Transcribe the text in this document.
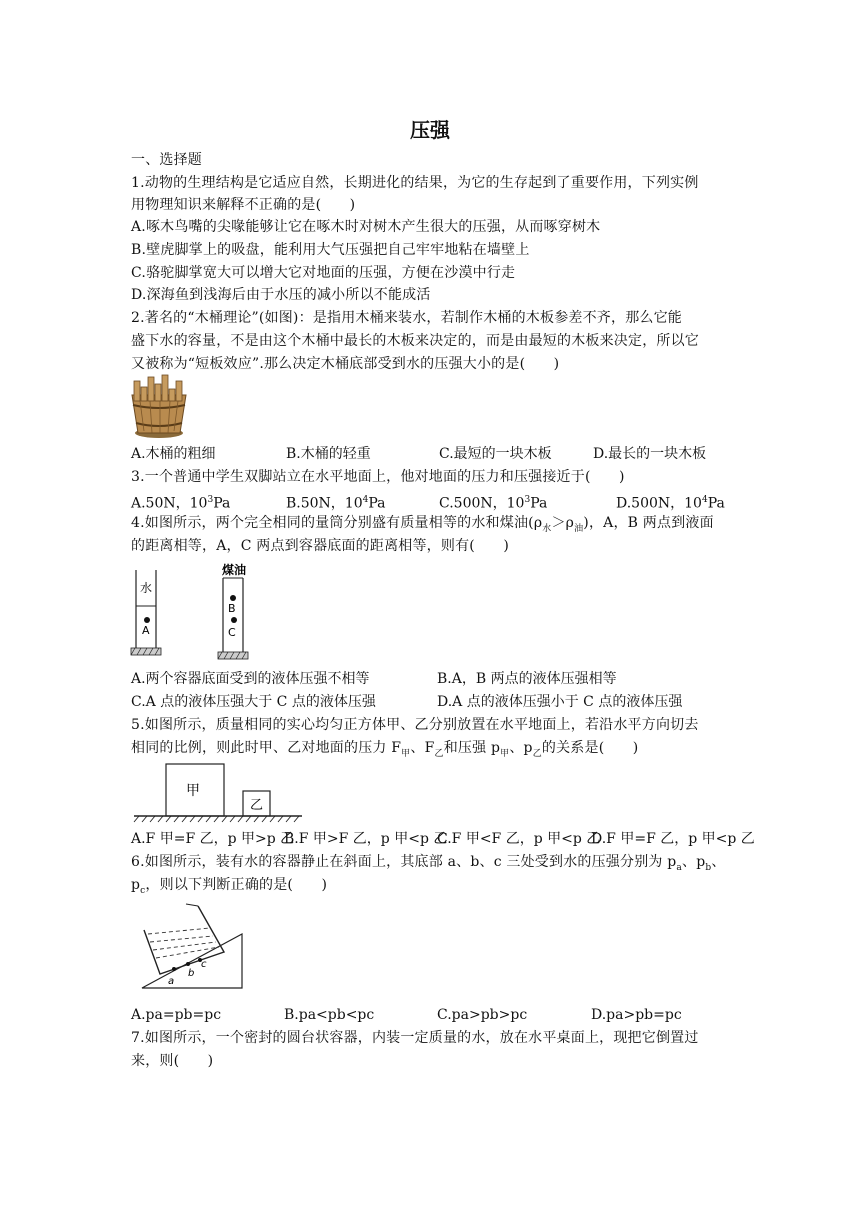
压强
一、选择题
1.动物的生理结构是它适应自然，长期进化的结果，为它的生存起到了重要作用，下列实例
用物理知识来解释不正确的是(　　)
A.啄木鸟嘴的尖喙能够让它在啄木时对树木产生很大的压强，从而啄穿树木
B.壁虎脚掌上的吸盘，能利用大气压强把自己牢牢地粘在墙壁上
C.骆驼脚掌宽大可以增大它对地面的压强，方便在沙漠中行走
D.深海鱼到浅海后由于水压的减小所以不能成活
2.著名的“木桶理论”(如图)：是指用木桶来装水，若制作木桶的木板参差不齐，那么它能
盛下水的容量，不是由这个木桶中最长的木板来决定的，而是由最短的木板来决定，所以它
又被称为“短板效应”.那么决定木桶底部受到水的压强大小的是(　　)
A.木桶的粗细	B.木桶的轻重	C.最短的一块木板	D.最长的一块木板
3.一个普通中学生双脚站立在水平地面上，他对地面的压力和压强接近于(　　)
A.50N，$10^3Pa$	B.50N，$10^4Pa$	C.500N，$10^3Pa$	D.500N，$10^4Pa$
4.如图所示，两个完全相同的量筒分别盛有质量相等的水和煤油$(\rho_水>\rho_油)$，A，B 两点到液面
的距离相等，A，C 两点到容器底面的距离相等，则有(　　)
水
A
煤油
B
C
A.两个容器底面受到的液体压强不相等	B.A，B 两点的液体压强相等
C.A 点的液体压强大于 C 点的液体压强	D.A 点的液体压强小于 C 点的液体压强
5.如图所示，质量相同的实心均匀正方体甲、乙分别放置在水平地面上，若沿水平方向切去
相同的比例，则此时甲、乙对地面的压力 $F_甲$、$F_乙$和压强 $p_甲$、$p_乙$的关系是(　　)
甲
乙
A.F 甲=F 乙，p 甲>p 乙
B.F 甲>F 乙，p 甲<p 乙
C.F 甲<F 乙，p 甲<p 乙
D.F 甲=F 乙，p 甲<p 乙
6.如图所示，装有水的容器静止在斜面上，其底部 a、b、c 三处受到水的压强分别为 $p_a$、$p_b$、
$p_c$，则以下判断正确的是(　　)
a
b
c
A.pa=pb=pc	B.pa<pb<pc	C.pa>pb>pc	D.pa>pb=pc
7.如图所示，一个密封的圆台状容器，内装一定质量的水，放在水平桌面上，现把它倒置过
来，则(　　)
